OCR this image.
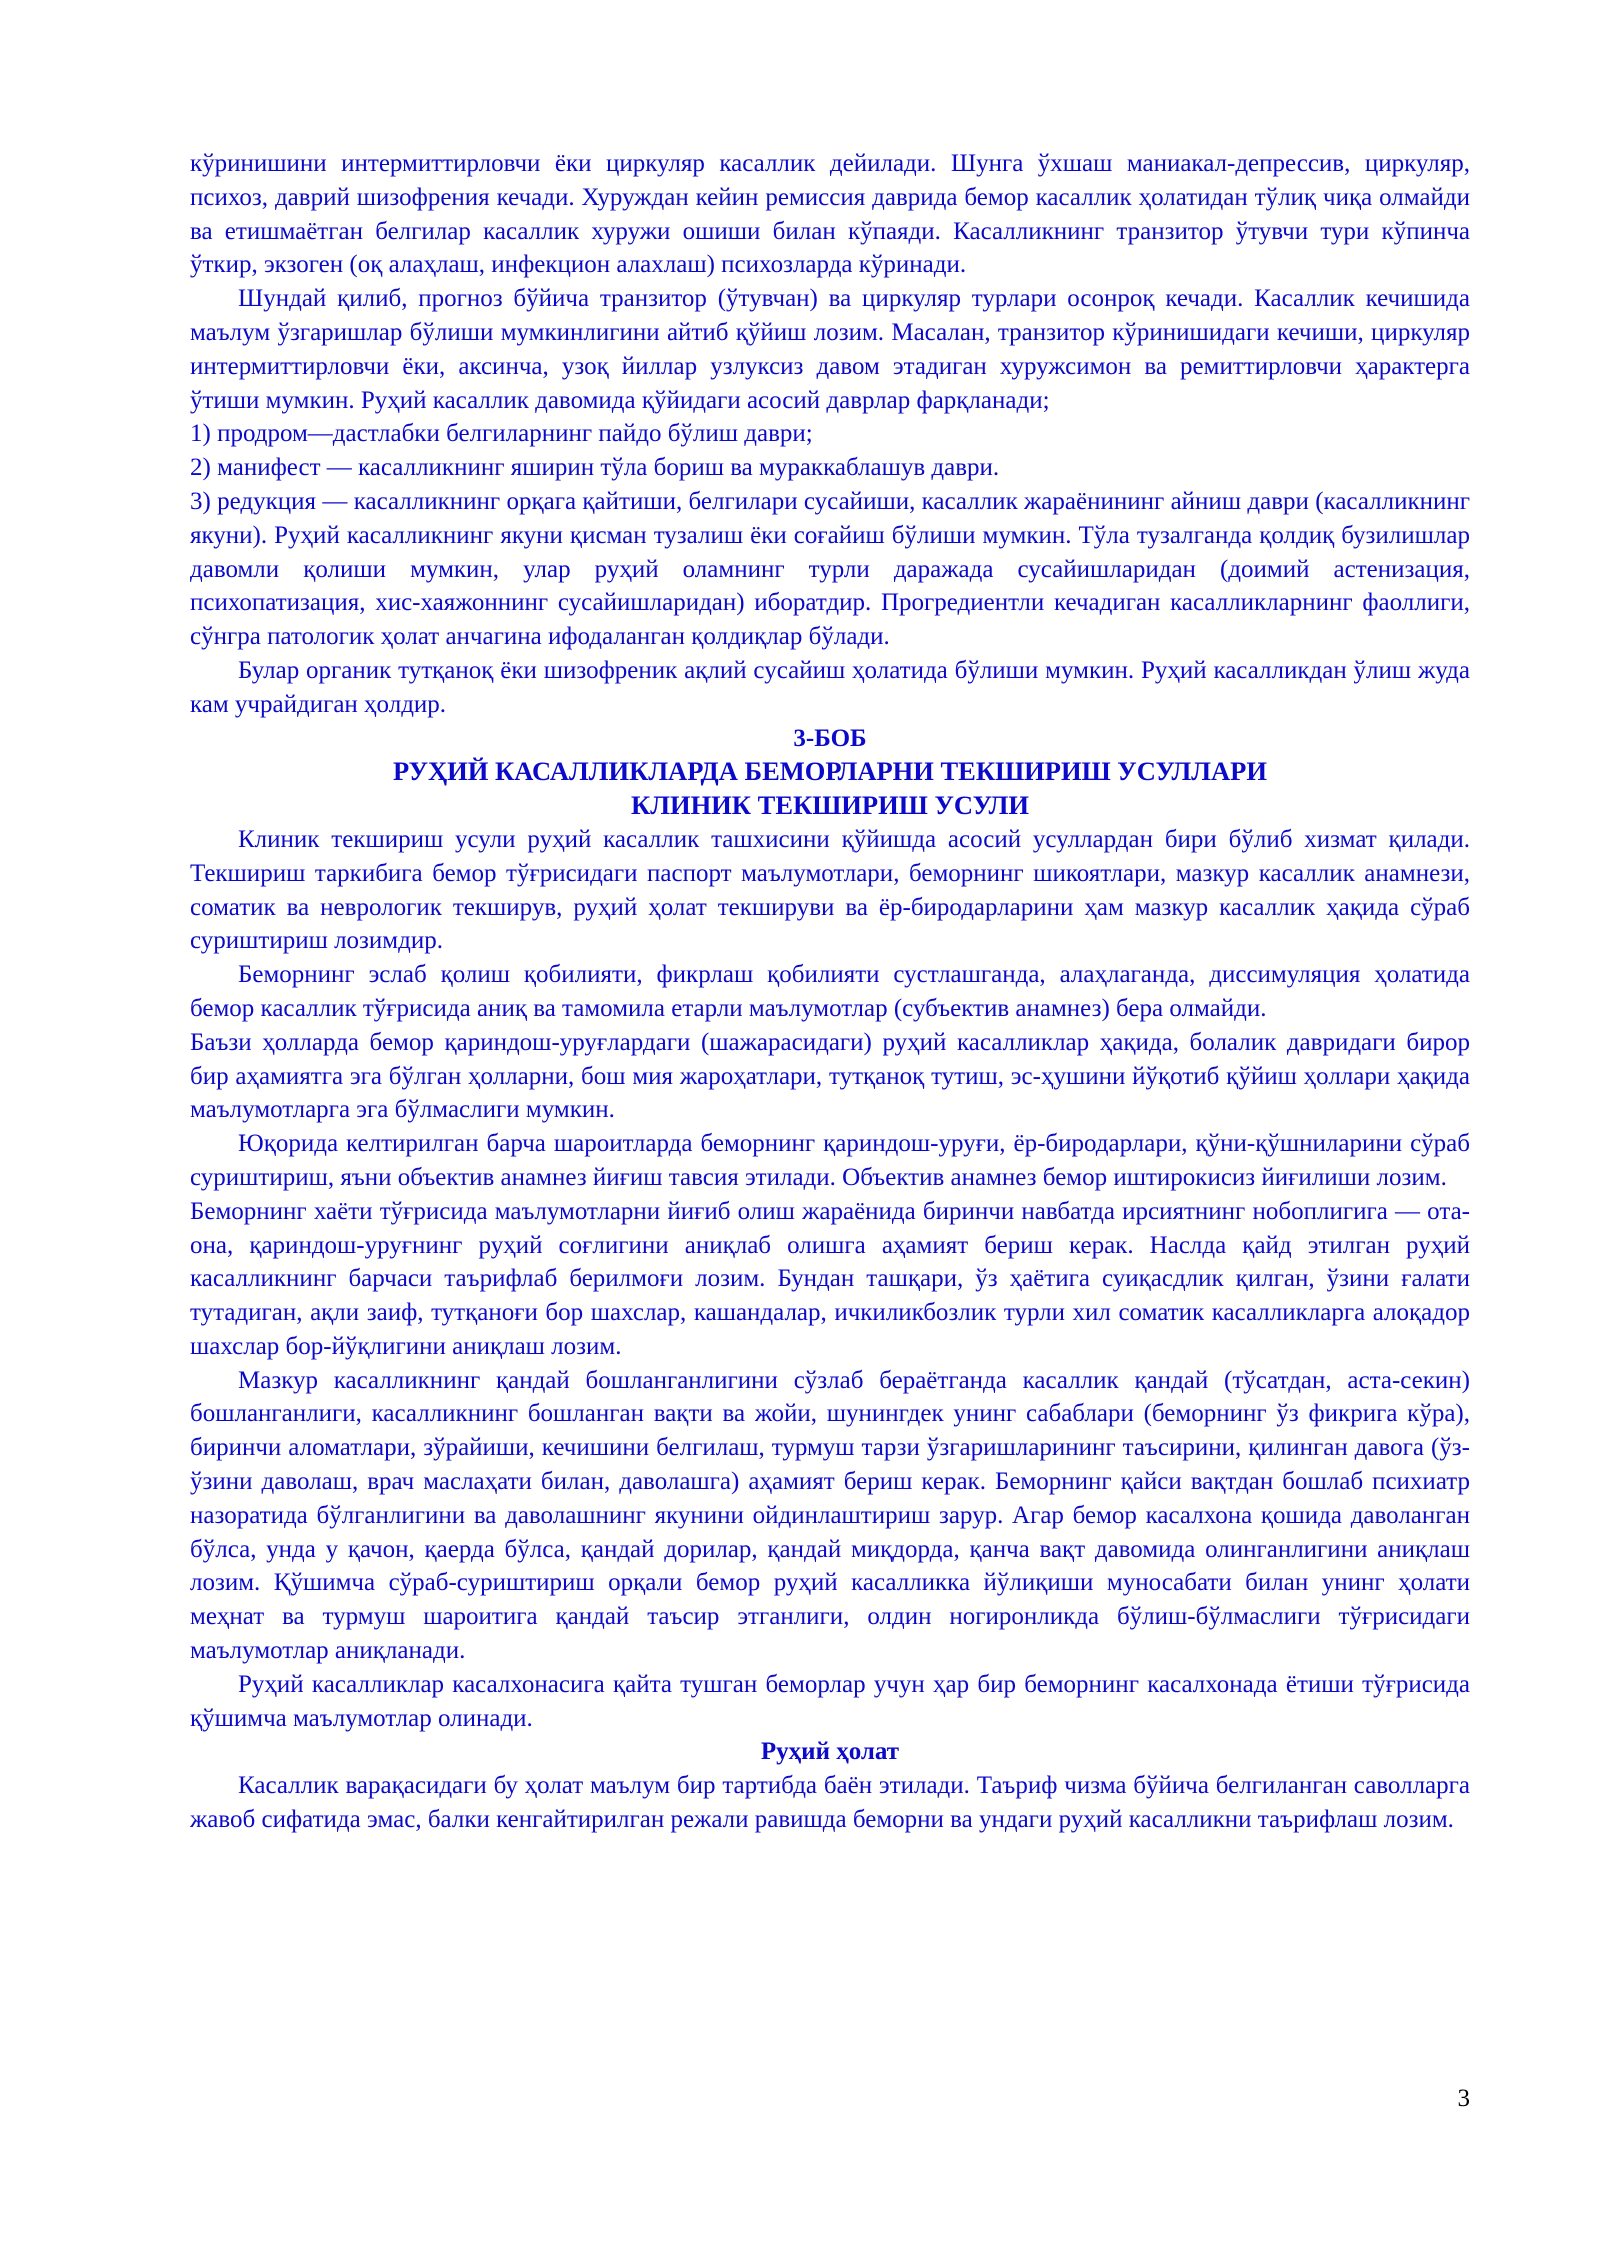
кўринишини интермиттирловчи ёки циркуляр касаллик дейилади. Шунга ўхшаш маниакал-депрессив, циркуляр, психоз, даврий шизофрения кечади. Хуруждан кейин ремиссия даврида бемор касаллик ҳолатидан тўлиқ чиқа олмайди ва етишмаётган белгилар касаллик хуружи ошиши билан кўпаяди. Касалликнинг транзитор ўтувчи тури кўпинча ўткир, экзоген (оқ алаҳлаш, инфекцион алахлаш) психозларда кўринади.

Шундай қилиб, прогноз бўйича транзитор (ўтувчан) ва циркуляр турлари осонроқ кечади. Касаллик кечишида маълум ўзгаришлар бўлиши мумкинлигини айтиб қўйиш лозим. Масалан, транзитор кўринишидаги кечиши, циркуляр интермиттирловчи ёки, аксинча, узоқ йиллар узлуксиз давом этадиган хуружсимон ва ремиттирловчи ҳарактерга ўтиши мумкин. Руҳий касаллик давомида қўйидаги асосий даврлар фарқланади;

1) продром—дастлабки белгиларнинг пайдо бўлиш даври;

2) манифест — касалликнинг яширин тўла бориш ва мураккаблашув даври.

3) редукция — касалликнинг орқага қайтиши, белгилари сусайиши, касаллик жараёнининг айниш даври (касалликнинг якуни). Руҳий касалликнинг якуни қисман тузалиш ёки соғайиш бўлиши мумкин. Тўла тузалганда қолдиқ бузилишлар давомли қолиши мумкин, улар руҳий оламнинг турли даражада сусайишларидан (доимий астенизация, психопатизация, хис-хаяжоннинг сусайишларидан) иборатдир. Прогредиентли кечадиган касалликларнинг фаоллиги, сўнгра патологик ҳолат анчагина ифодаланган қолдиқлар бўлади.

Булар органик тутқаноқ ёки шизофреник ақлий сусайиш ҳолатида бўлиши мумкин. Руҳий касалликдан ўлиш жуда кам учрайдиган ҳолдир.

3-БОБ

РУҲИЙ КАСАЛЛИКЛАРДА БЕМОРЛАРНИ ТЕКШИРИШ УСУЛЛАРИ

КЛИНИК ТЕКШИРИШ УСУЛИ

Клиник текшириш усули руҳий касаллик ташхисини қўйишда асосий усуллардан бири бўлиб хизмат қилади. Текшириш таркибига бемор тўғрисидаги паспорт маълумотлари, беморнинг шикоятлари, мазкур касаллик анамнези, соматик ва неврологик текширув, руҳий ҳолат текшируви ва ёр-биродарларини ҳам мазкур касаллик ҳақида сўраб суриштириш лозимдир.

Беморнинг эслаб қолиш қобилияти, фикрлаш қобилияти сустлашганда, алаҳлаганда, диссимуляция ҳолатида бемор касаллик тўғрисида аниқ ва тамомила етарли маълумотлар (субъектив анамнез) бера олмайди.

Баъзи ҳолларда бемор қариндош-уруғлардаги (шажарасидаги) руҳий касалликлар ҳақида, болалик давридаги бирор бир аҳамиятга эга бўлган ҳолларни, бош мия жароҳатлари, тутқаноқ тутиш, эс-ҳушини йўқотиб қўйиш ҳоллари ҳақида маълумотларга эга бўлмаслиги мумкин.

Юқорида келтирилган барча шароитларда беморнинг қариндош-уруғи, ёр-биродарлари, қўни-қўшниларини сўраб суриштириш, яъни объектив анамнез йиғиш тавсия этилади. Объектив анамнез бемор иштирокисиз йиғилиши лозим.

Беморнинг хаёти тўғрисида маълумотларни йиғиб олиш жараёнида биринчи навбатда ирсиятнинг нобоплигига — ота-она, қариндош-уруғнинг руҳий соғлигини аниқлаб олишга аҳамият бериш керак. Наслда қайд этилган руҳий касалликнинг барчаси таърифлаб берилмоғи лозим. Бундан ташқари, ўз ҳаётига суиқасдлик қилган, ўзини ғалати тутадиган, ақли заиф, тутқаноғи бор шахслар, кашандалар, ичкиликбозлик турли хил соматик касалликларга алоқадор шахслар бор-йўқлигини аниқлаш лозим.

Мазкур касалликнинг қандай бошланганлигини сўзлаб бераётганда касаллик қандай (тўсатдан, аста-секин) бошланганлиги, касалликнинг бошланган вақти ва жойи, шунингдек унинг сабаблари (беморнинг ўз фикрига кўра), биринчи аломатлари, зўрайиши, кечишини белгилаш, турмуш тарзи ўзгаришларининг таъсирини, қилинган давога (ўз-ўзини даволаш, врач маслаҳати билан, даволашга) аҳамият бериш керак. Беморнинг қайси вақтдан бошлаб психиатр назоратида бўлганлигини ва даволашнинг якунини ойдинлаштириш зарур. Агар бемор касалхона қошида даволанган бўлса, унда у қачон, қаерда бўлса, қандай дорилар, қандай миқдорда, қанча вақт давомида олинганлигини аниқлаш лозим. Қўшимча сўраб-суриштириш орқали бемор руҳий касалликка йўлиқиши муносабати билан унинг ҳолати меҳнат ва турмуш шароитига қандай таъсир этганлиги, олдин ногиронликда бўлиш-бўлмаслиги тўғрисидаги маълумотлар аниқланади.

Руҳий касалликлар касалхонасига қайта тушган беморлар учун ҳар бир беморнинг касалхонада ётиши тўғрисида қўшимча маълумотлар олинади.

Руҳий ҳолат

Касаллик варақасидаги бу ҳолат маълум бир тартибда баён этилади. Таъриф чизма бўйича белгиланган саволларга жавоб сифатида эмас, балки кенгайтирилган режали равишда беморни ва ундаги руҳий касалликни таърифлаш лозим.

3
